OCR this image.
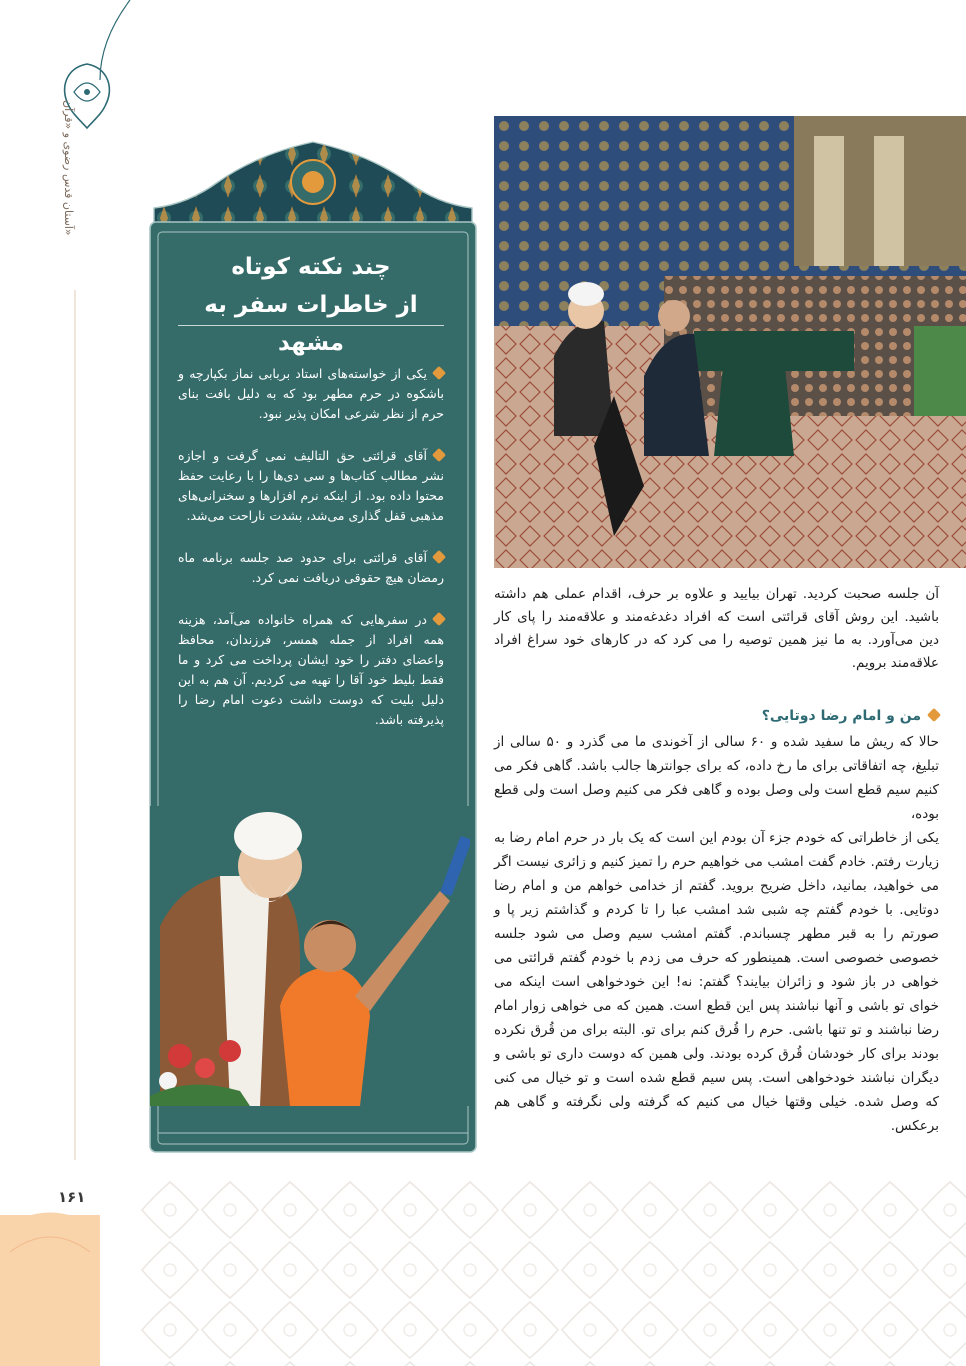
آستان قدس رضوی و «قرآن»
۱۶۱
چند نکته کوتاه
از خاطرات سفر به مشهد

یکی از خواسته‌های استاد بربابی نماز بکپارچه و باشکوه در حرم مطهر بود که به دلیل بافت بنای حرم از نظر شرعی امکان پذیر نبود.

آقای قرائتی حق التالیف نمی گرفت و اجازه نشر مطالب کتاب‌ها و سی دی‌ها را با رعایت حفظ محتوا داده بود. از اینکه نرم افزارها و سخنرانی‌های مذهبی قفل گذاری می‌شد، بشدت ناراحت می‌شد.

آقای قرائتی برای حدود صد جلسه برنامه ماه رمضان هیچ حقوقی دریافت نمی کرد.

در سفرهایی که همراه خانواده می‌آمد، هزینه همه افراد از جمله همسر، فرزندان، محافظ واعضای دفتر را خود ایشان پرداخت می کرد و ما فقط بلیط خود آقا را تهیه می کردیم. آن هم به این دلیل بلیت که دوست داشت دعوت امام رضا را پذیرفته باشد.

آن جلسه صحبت کردید. تهران بیایید و علاوه بر حرف، اقدام عملی هم داشته باشید. این روش آقای قرائتی است که افراد دغدغه‌مند و علاقه‌مند را پای کار دین می‌آورد. به ما نیز همین توصیه را می کرد که در کارهای خود سراغ افراد علاقه‌مند برویم.
من و امام رضا دوتایی؟

حالا که ریش ما سفید شده و ۶۰ سالی از آخوندی ما می گذرد و ۵۰ سالی از تبلیغ، چه اتفاقاتی برای ما رخ داده، که برای جوانترها جالب باشد. گاهی فکر می کنیم سیم قطع است ولی وصل بوده و گاهی فکر می کنیم وصل است ولی قطع بوده،

یکی از خاطراتی که خودم جزء آن بودم این است که یک بار در حرم امام رضا به زیارت رفتم. خادم گفت امشب می خواهیم حرم را تمیز کنیم و زائری نیست اگر می خواهید، بمانید، داخل ضریح بروید. گفتم از خدامی خواهم من و امام رضا دوتایی. با خودم گفتم چه شبی شد امشب عبا را تا کردم و گذاشتم زیر پا و صورتم را به قبر مطهر چسباندم. گفتم امشب سیم وصل می شود جلسه خصوصی خصوصی است. همینطور که حرف می زدم با خودم گفتم قرائتی می خواهی در باز شود و زائران بیایند؟ گفتم: نه! این خودخواهی است اینکه می خوای تو باشی و آنها نباشند پس این قطع است. همین که می خواهی زوار امام رضا نباشند و تو تنها باشی. حرم را قُرق کنم برای تو. البته برای من قُرق نکرده بودند برای کار خودشان قُرق کرده بودند. ولی همین که دوست داری تو باشی و دیگران نباشند خودخواهی است. پس سیم قطع شده است و تو خیال می کنی که وصل شده. خیلی وقتها خیال می کنیم که گرفته ولی نگرفته و گاهی هم برعکس.
